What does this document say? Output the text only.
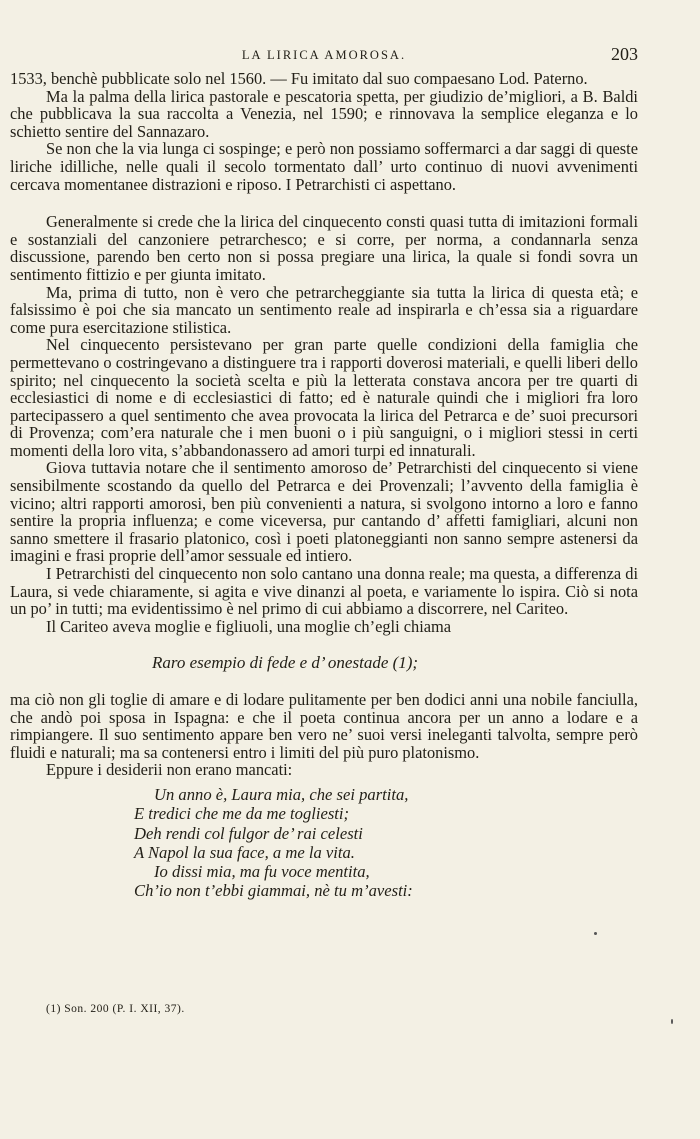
LA LIRICA AMOROSA.	203

1533, benchè pubblicate solo nel 1560. — Fu imitato dal suo compaesano Lod. Paterno.

Ma la palma della lirica pastorale e pescatoria spetta, per giudizio de’migliori, a B. Baldi che pubblicava la sua raccolta a Venezia, nel 1590; e rinnovava la semplice eleganza e lo schietto sentire del Sannazaro.

Se non che la via lunga ci sospinge; e però non possiamo soffermarci a dar saggi di queste liriche idilliche, nelle quali il secolo tormentato dall’ urto continuo di nuovi avvenimenti cercava momentanee distrazioni e riposo. I Petrarchisti ci aspettano.

Generalmente si crede che la lirica del cinquecento consti quasi tutta di imitazioni formali e sostanziali del canzoniere petrarchesco; e si corre, per norma, a condannarla senza discussione, parendo ben certo non si possa pregiare una lirica, la quale si fondi sovra un sentimento fittizio e per giunta imitato.

Ma, prima di tutto, non è vero che petrarcheggiante sia tutta la lirica di questa età; e falsissimo è poi che sia mancato un sentimento reale ad inspirarla e ch’essa sia a riguardare come pura esercitazione stilistica.

Nel cinquecento persistevano per gran parte quelle condizioni della famiglia che permettevano o costringevano a distinguere tra i rapporti doverosi materiali, e quelli liberi dello spirito; nel cinquecento la società scelta e più la letterata constava ancora per tre quarti di ecclesiastici di nome e di ecclesiastici di fatto; ed è naturale quindi che i migliori fra loro partecipassero a quel sentimento che avea provocata la lirica del Petrarca e de’ suoi precursori di Provenza; com’era naturale che i men buoni o i più sanguigni, o i migliori stessi in certi momenti della loro vita, s’abbandonassero ad amori turpi ed innaturali.

Giova tuttavia notare che il sentimento amoroso de’ Petrarchisti del cinquecento si viene sensibilmente scostando da quello del Petrarca e dei Provenzali; l’avvento della famiglia è vicino; altri rapporti amorosi, ben più convenienti a natura, si svolgono intorno a loro e fanno sentire la propria influenza; e come viceversa, pur cantando d’ affetti famigliari, alcuni non sanno smettere il frasario platonico, così i poeti platoneggianti non sanno sempre astenersi da imagini e frasi proprie dell’amor sessuale ed intiero.

I Petrarchisti del cinquecento non solo cantano una donna reale; ma questa, a differenza di Laura, si vede chiaramente, si agita e vive dinanzi al poeta, e variamente lo ispira. Ciò si nota un po’ in tutti; ma evidentissimo è nel primo di cui abbiamo a discorrere, nel Cariteo.

Il Cariteo aveva moglie e figliuoli, una moglie ch’egli chiama

Raro esempio di fede e d’ onestade (1);

ma ciò non gli toglie di amare e di lodare pulitamente per ben dodici anni una nobile fanciulla, che andò poi sposa in Ispagna: e che il poeta continua ancora per un anno a lodare e a rimpiangere. Il suo sentimento appare ben vero ne’ suoi versi ineleganti talvolta, sempre però fluidi e naturali; ma sa contenersi entro i limiti del più puro platonismo.

Eppure i desiderii non erano mancati:

Un anno è, Laura mia, che sei partita,
E tredici che me da me togliesti;
Deh rendi col fulgor de’ rai celesti
A Napol la sua face, a me la vita.
Io dissi mia, ma fu voce mentita,
Ch’io non t’ebbi giammai, nè tu m’avesti:
(1) Son. 200 (P. I. XII, 37).
